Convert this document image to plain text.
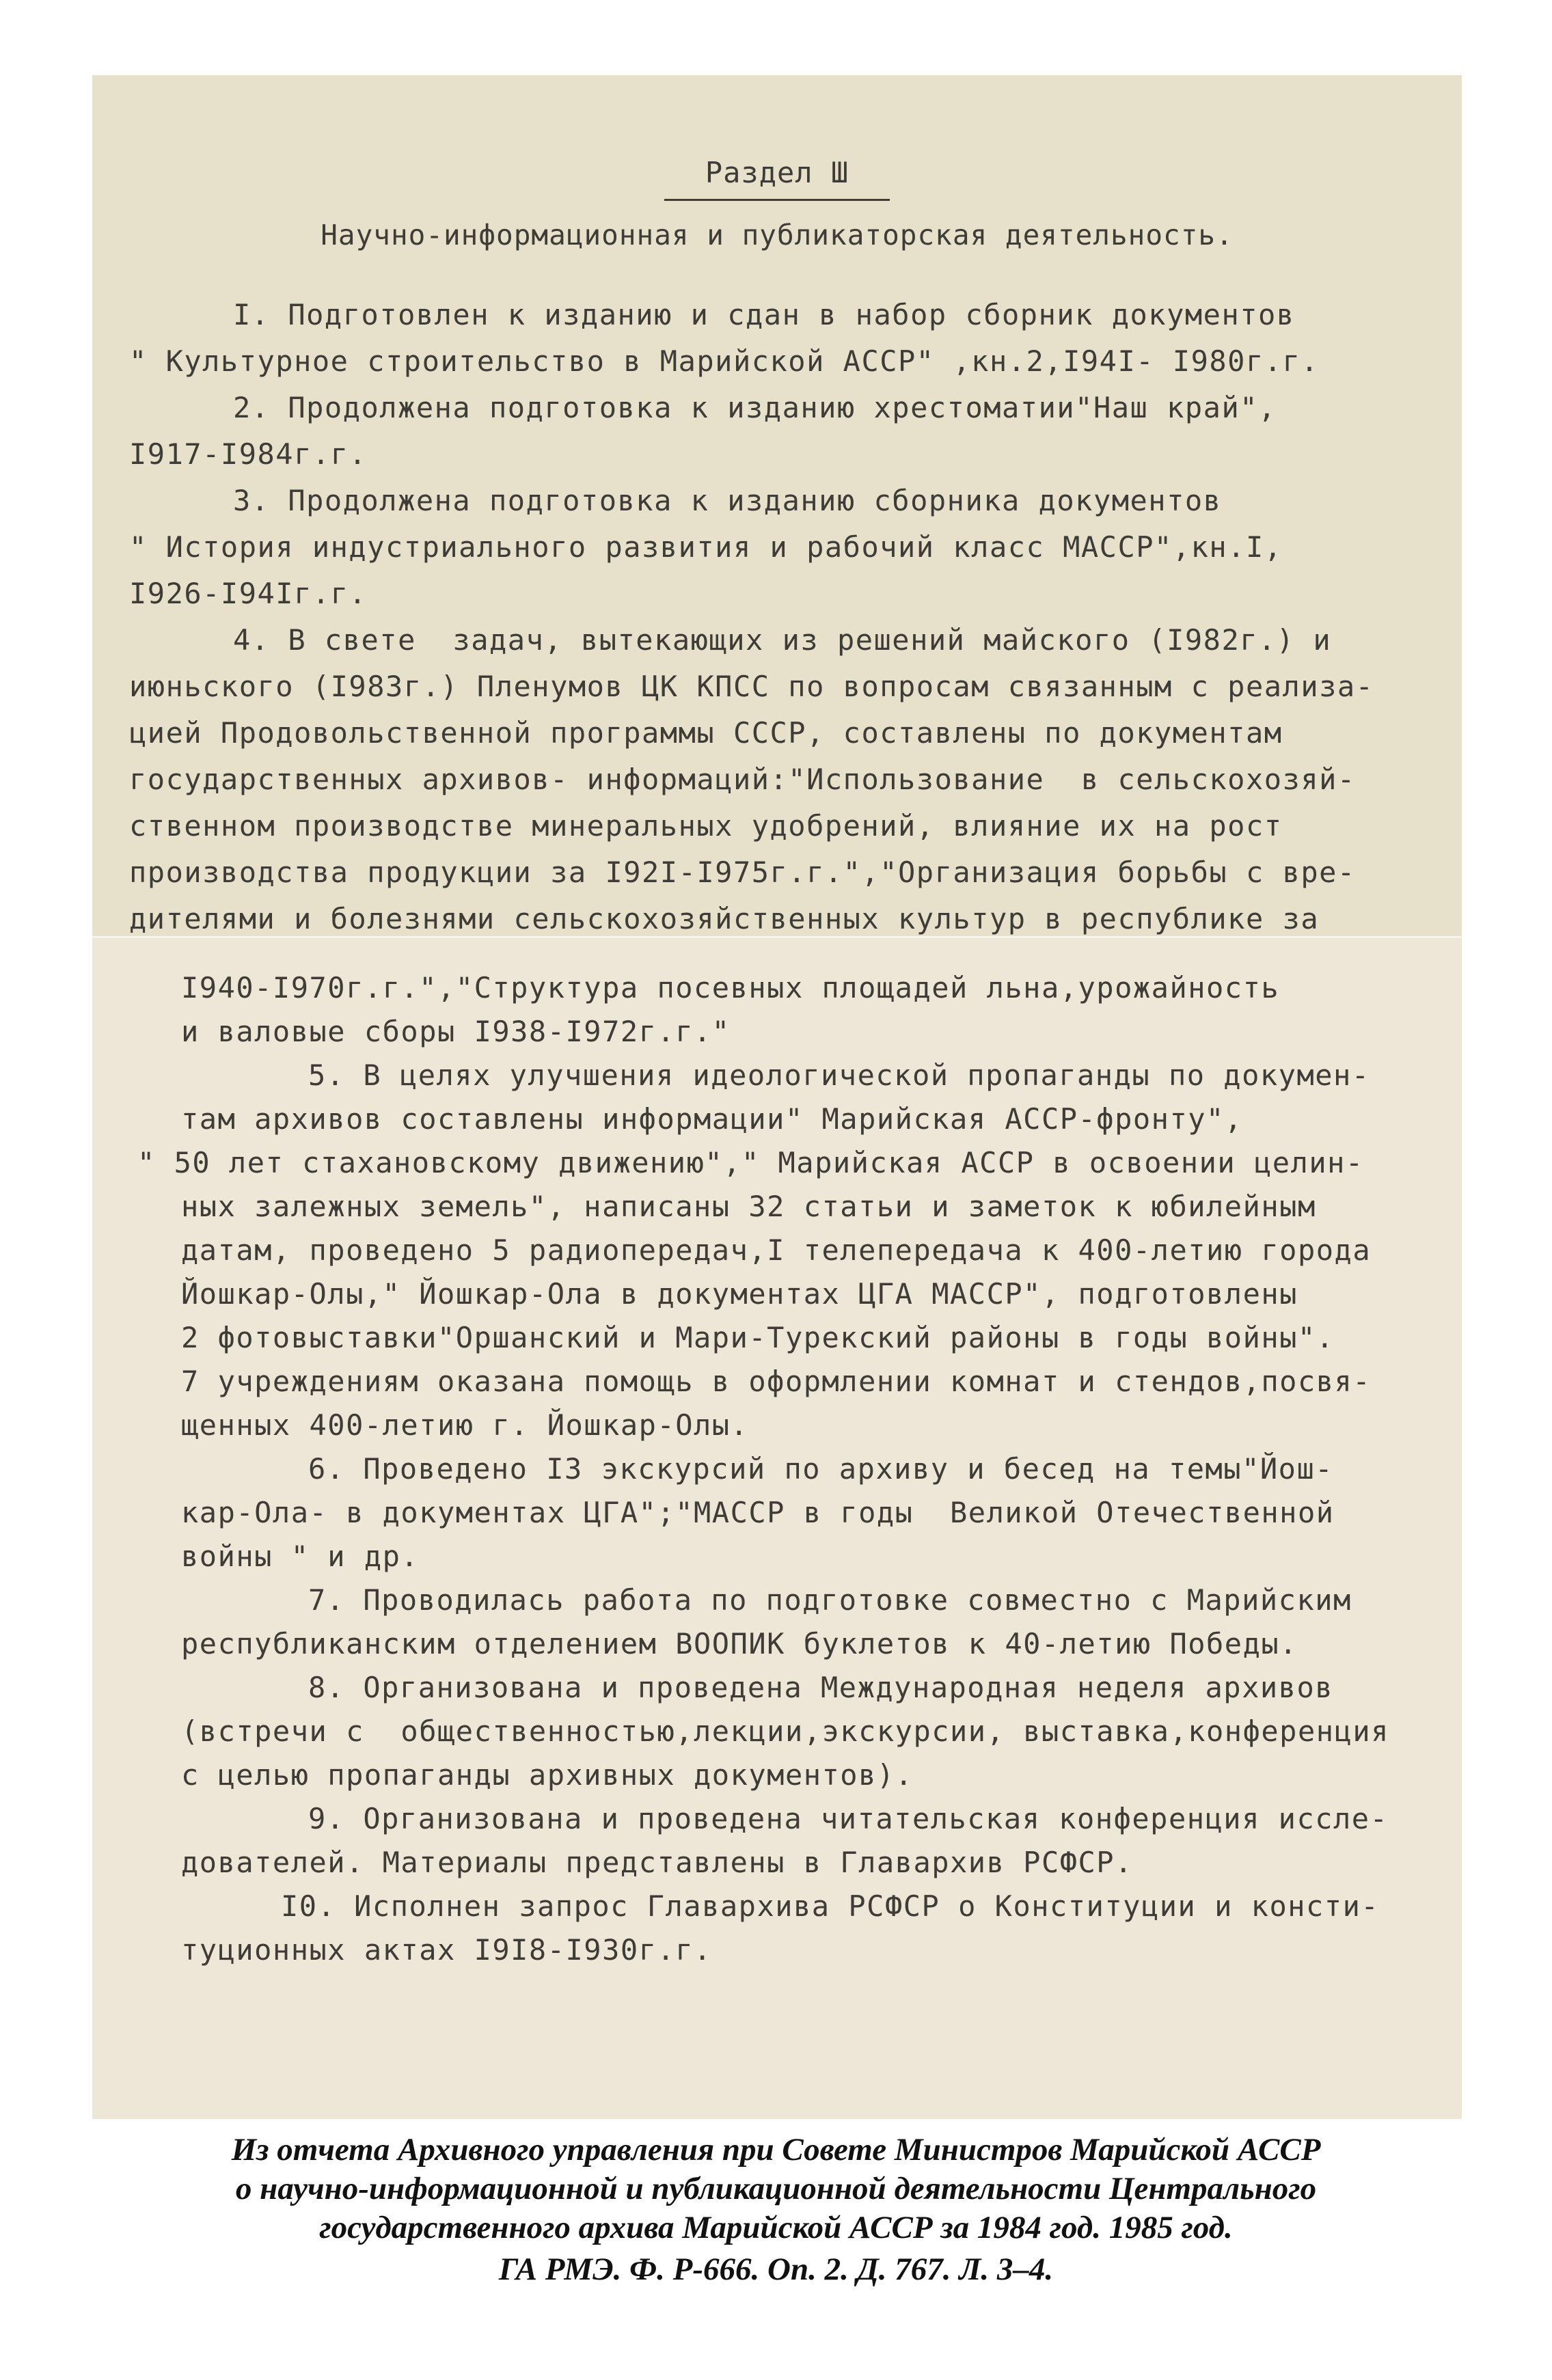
Раздел Ш
Научно-информационная и публикаторская деятельность.
I. Подготовлен к изданию и сдан в набор сборник документов
" Культурное строительство в Марийской АССР" ,кн.2,I94I- I980г.г.
2. Продолжена подготовка к изданию хрестоматии"Наш край",
I917-I984г.г.
3. Продолжена подготовка к изданию сборника документов
" История индустриального развития и рабочий класс МАССР",кн.I,
I926-I94Iг.г.
4. В свете  задач, вытекающих из решений майского (I982г.) и
июньского (I983г.) Пленумов ЦК КПСС по вопросам связанным с реализа-
цией Продовольственной программы СССР, составлены по документам
государственных архивов- информаций:"Использование  в сельскохозяй-
ственном производстве минеральных удобрений, влияние их на рост
производства продукции за I92I-I975г.г.","Организация борьбы с вре-
дителями и болезнями сельскохозяйственных культур в республике за
I940-I970г.г.","Структура посевных площадей льна,урожайность
и валовые сборы I938-I972г.г."
5. В целях улучшения идеологической пропаганды по докумен-
там архивов составлены информации" Марийская АССР-фронту",
" 50 лет стахановскому движению"," Марийская АССР в освоении целин-
ных залежных земель", написаны 32 статьи и заметок к юбилейным
датам, проведено 5 радиопередач,I телепередача к 400-летию города
Йошкар-Олы," Йошкар-Ола в документах ЦГА МАССР", подготовлены
2 фотовыставки"Оршанский и Мари-Турекский районы в годы войны".
7 учреждениям оказана помощь в оформлении комнат и стендов,посвя-
щенных 400-летию г. Йошкар-Олы.
6. Проведено I3 экскурсий по архиву и бесед на темы"Йош-
кар-Ола- в документах ЦГА";"МАССР в годы  Великой Отечественной
войны " и др.
7. Проводилась работа по подготовке совместно с Марийским
республиканским отделением ВООПИК буклетов к 40-летию Победы.
8. Организована и проведена Международная неделя архивов
(встречи с  общественностью,лекции,экскурсии, выставка,конференция
с целью пропаганды архивных документов).
9. Организована и проведена читательская конференция иссле-
дователей. Материалы представлены в Главархив РСФСР.
I0. Исполнен запрос Главархива РСФСР о Конституции и консти-
туционных актах I9I8-I930г.г.
Из отчета Архивного управления при Совете Министров Марийской АССР
о научно-информационной и публикационной деятельности Центрального
государственного архива Марийской АССР за 1984 год. 1985 год.
ГА РМЭ. Ф. Р-666. Оп. 2. Д. 767. Л. 3–4.
